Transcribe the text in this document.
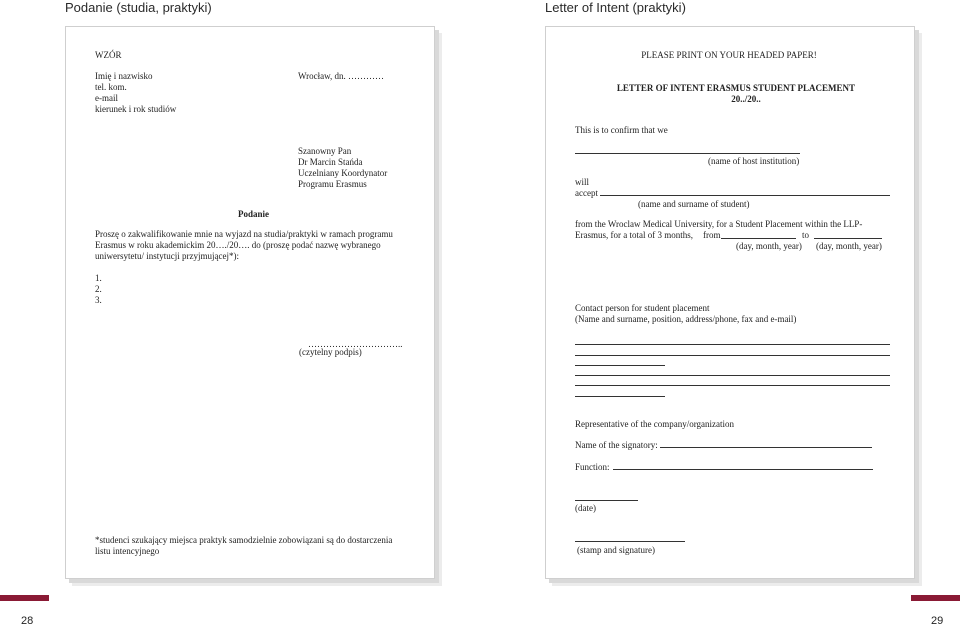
Podanie (studia, praktyki)	Letter of Intent (praktyki)
WZÓR
Imię i nazwisko
tel. kom.
e-mail
kierunek i rok studiów
Wrocław, dn. …………
Szanowny Pan
Dr Marcin Stańda
Uczelniany Koordynator
Programu Erasmus
Podanie
Proszę o zakwalifikowanie mnie na wyjazd na studia/praktyki w ramach programu Erasmus w roku akademickim 20…./20…. do (proszę podać nazwę wybranego uniwersytetu/ instytucji przyjmującej*):
1.
2.
3.
…………………………..
(czytelny podpis)
*studenci szukający miejsca praktyk samodzielnie zobowiązani są do dostarczenia listu intencyjnego
PLEASE PRINT ON YOUR HEADED PAPER!
LETTER OF INTENT ERASMUS STUDENT PLACEMENT
20../20..
This is to confirm that we
(name of host institution)
will
accept
(name and surname of student)
from the Wroclaw Medical University, for a Student Placement within the LLP-Erasmus, for a total of 3 months,	from	to
(day, month, year) (day, month, year)
Contact person for student placement
(Name and surname, position, address/phone, fax and e-mail)
Representative of the company/organization
Name of the signatory:
Function:
(date)
(stamp and signature)
28	29
